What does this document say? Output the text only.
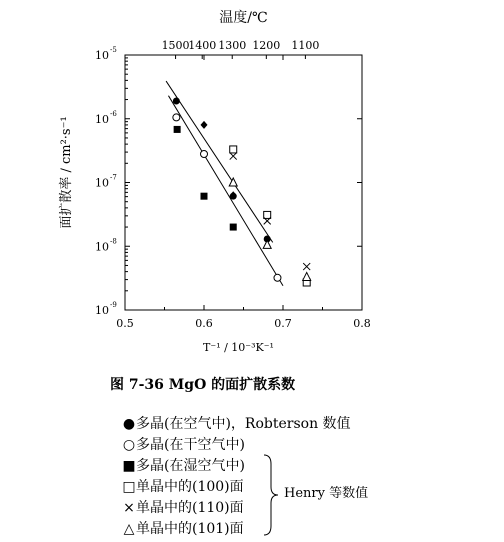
0.5	0.6	0.7	0.8
10 -5
10 -6
10 -7
10 -8
10 -9
1500
1400 1300 1200 1100
温度/℃
T⁻¹ / 10⁻³K⁻¹
面扩散率 / cm²·s⁻¹
图 7-36 MgO 的面扩散系数
●多晶(在空气中)，Robterson 数值
○多晶(在干空气中)
■多晶(在湿空气中)
□单晶中的(100)面
×单晶中的(110)面
△ 单晶中的(101)面
Henry 等数值
